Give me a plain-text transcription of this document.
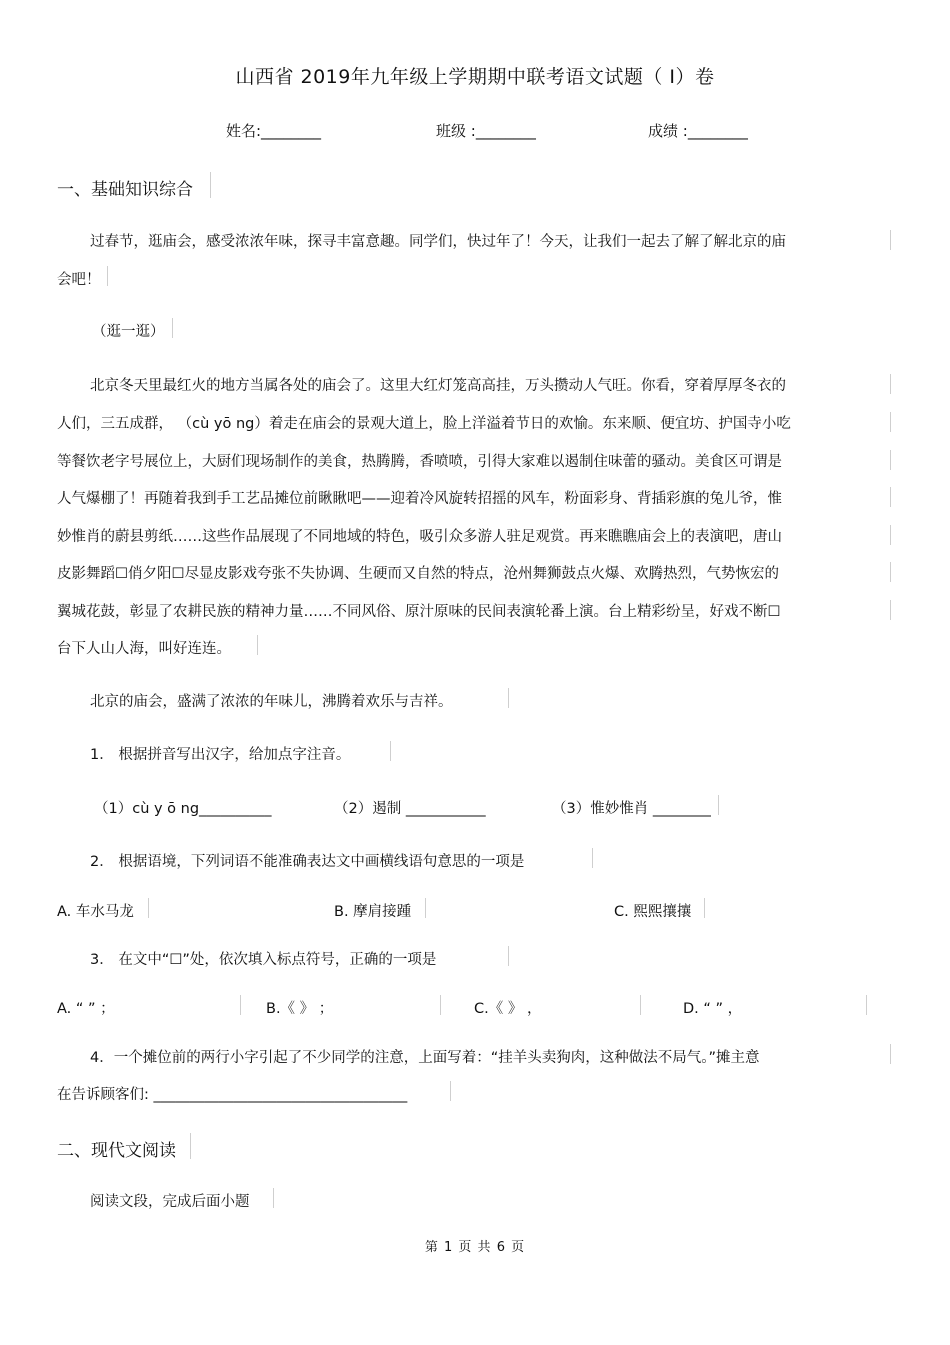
山西省 2019年九年级上学期期中联考语文试题（ I）卷
姓名:________	班级 :________	成绩 :________
一、基础知识综合
过春节，逛庙会，感受浓浓年味，探寻丰富意趣。同学们，快过年了！今天，让我们一起去了解了解北京的庙
会吧！
（逛一逛）
北京冬天里最红火的地方当属各处的庙会了。这里大红灯笼高高挂，万头攒动人气旺。你看，穿着厚厚冬衣的
人们，三五成群， （cù yō ng）着走在庙会的景观大道上，脸上洋溢着节日的欢愉。东来顺、便宜坊、护国寺小吃
等餐饮老字号展位上，大厨们现场制作的美食，热腾腾，香喷喷，引得大家难以遏制住味蕾的骚动。美食区可谓是
人气爆棚了！再随着我到手工艺品摊位前瞅瞅吧——迎着冷风旋转招摇的风车，粉面彩身、背插彩旗的兔儿爷，惟
妙惟肖的蔚县剪纸……这些作品展现了不同地域的特色，吸引众多游人驻足观赏。再来瞧瞧庙会上的表演吧，唐山
皮影舞蹈☐俏夕阳☐尽显皮影戏夸张不失协调、生硬而又自然的特点，沧州舞狮鼓点火爆、欢腾热烈，气势恢宏的
翼城花鼓，彰显了农耕民族的精神力量……不同风俗、原汁原味的民间表演轮番上演。台上精彩纷呈，好戏不断☐
台下人山人海，叫好连连。
北京的庙会，盛满了浓浓的年味儿，沸腾着欢乐与吉祥。
1． 根据拼音写出汉字，给加点字注音。
（1）cù y ō ng__________	（2）遏制 ___________	（3）惟妙惟肖 ________
2． 根据语境，下列词语不能准确表达文中画横线语句意思的一项是
A. 车水马龙	B. 摩肩接踵	C. 熙熙攘攘
3． 在文中“☐”处，依次填入标点符号，正确的一项是
A. “ ” ；	B.《 》 ；	C.《 》 ，	D. “ ” ，
4．一个摊位前的两行小字引起了不少同学的注意，上面写着：“挂羊头卖狗肉，这种做法不局气。”摊主意
在告诉顾客们: ___________________________________
二、现代文阅读
阅读文段，完成后面小题
第 1 页 共 6 页
